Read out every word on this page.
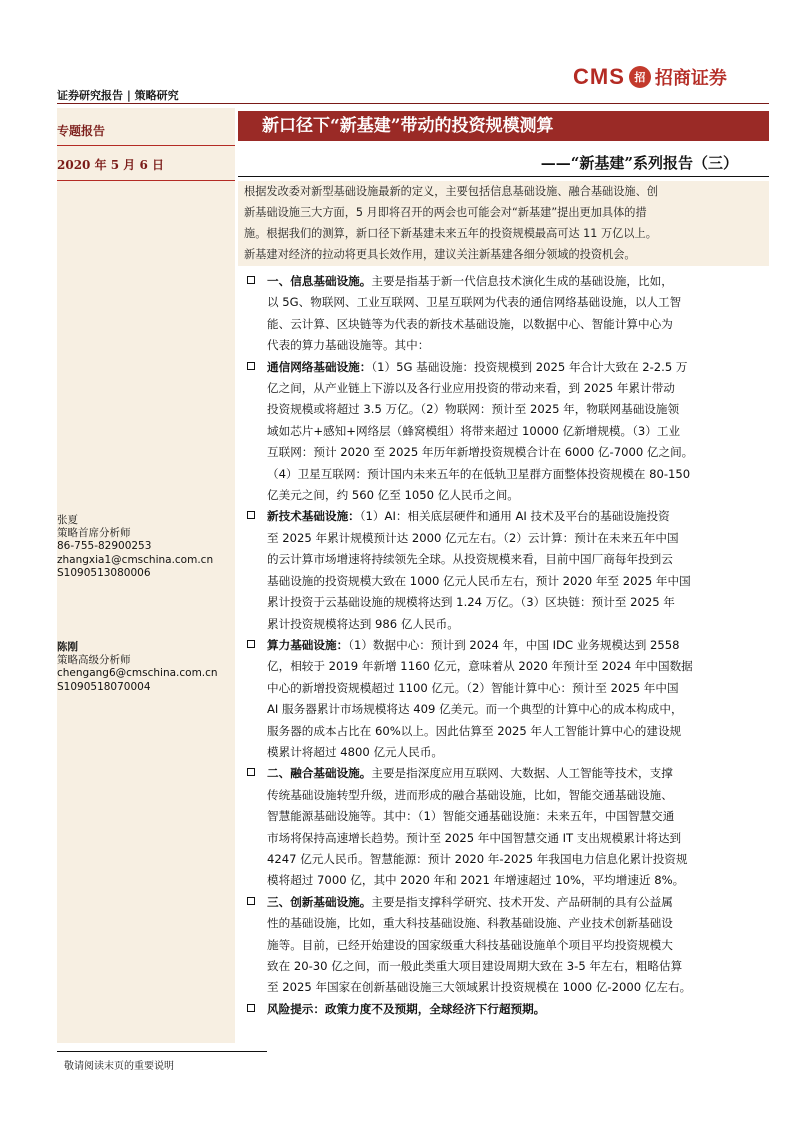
证券研究报告 | 策略研究
CMS 招 招商证券
专题报告
2020 年 5 月 6 日
张夏
策略首席分析师
86-755-82900253
zhangxia1@cmschina.com.cn
S1090513080006
陈刚
策略高级分析师
chengang6@cmschina.com.cn
S1090518070004
新口径下“新基建”带动的投资规模测算
——“新基建”系列报告（三）
根据发改委对新型基础设施最新的定义，主要包括信息基础设施、融合基础设施、创
新基础设施三大方面，5 月即将召开的两会也可能会对“新基建”提出更加具体的措
施。根据我们的测算，新口径下新基建未来五年的投资规模最高可达 11 万亿以上。
新基建对经济的拉动将更具长效作用，建议关注新基建各细分领域的投资机会。
一、信息基础设施。主要是指基于新一代信息技术演化生成的基础设施，比如，
以 5G、物联网、工业互联网、卫星互联网为代表的通信网络基础设施，以人工智
能、云计算、区块链等为代表的新技术基础设施，以数据中心、智能计算中心为
代表的算力基础设施等。其中：
通信网络基础设施：（1）5G 基础设施：投资规模到 2025 年合计大致在 2-2.5 万
亿之间，从产业链上下游以及各行业应用投资的带动来看，到 2025 年累计带动
投资规模或将超过 3.5 万亿。（2）物联网：预计至 2025 年，物联网基础设施领
域如芯片+感知+网络层（蜂窝模组）将带来超过 10000 亿新增规模。（3）工业
互联网：预计 2020 至 2025 年历年新增投资规模合计在 6000 亿-7000 亿之间。
（4）卫星互联网：预计国内未来五年的在低轨卫星群方面整体投资规模在 80-150
亿美元之间，约 560 亿至 1050 亿人民币之间。
新技术基础设施：（1）AI：相关底层硬件和通用 AI 技术及平台的基础设施投资
至 2025 年累计规模预计达 2000 亿元左右。（2）云计算：预计在未来五年中国
的云计算市场增速将持续领先全球。从投资规模来看，目前中国厂商每年投到云
基础设施的投资规模大致在 1000 亿元人民币左右，预计 2020 年至 2025 年中国
累计投资于云基础设施的规模将达到 1.24 万亿。（3）区块链：预计至 2025 年
累计投资规模将达到 986 亿人民币。
算力基础设施：（1）数据中心：预计到 2024 年，中国 IDC 业务规模达到 2558
亿，相较于 2019 年新增 1160 亿元，意味着从 2020 年预计至 2024 年中国数据
中心的新增投资规模超过 1100 亿元。（2）智能计算中心：预计至 2025 年中国
AI 服务器累计市场规模将达 409 亿美元。而一个典型的计算中心的成本构成中，
服务器的成本占比在 60%以上。因此估算至 2025 年人工智能计算中心的建设规
模累计将超过 4800 亿元人民币。
二、融合基础设施。主要是指深度应用互联网、大数据、人工智能等技术，支撑
传统基础设施转型升级，进而形成的融合基础设施，比如，智能交通基础设施、
智慧能源基础设施等。其中：（1）智能交通基础设施：未来五年，中国智慧交通
市场将保持高速增长趋势。预计至 2025 年中国智慧交通 IT 支出规模累计将达到
4247 亿元人民币。智慧能源：预计 2020 年-2025 年我国电力信息化累计投资规
模将超过 7000 亿，其中 2020 年和 2021 年增速超过 10%，平均增速近 8%。
三、创新基础设施。主要是指支撑科学研究、技术开发、产品研制的具有公益属
性的基础设施，比如，重大科技基础设施、科教基础设施、产业技术创新基础设
施等。目前，已经开始建设的国家级重大科技基础设施单个项目平均投资规模大
致在 20-30 亿之间，而一般此类重大项目建设周期大致在 3-5 年左右，粗略估算
至 2025 年国家在创新基础设施三大领域累计投资规模在 1000 亿-2000 亿左右。
风险提示：政策力度不及预期，全球经济下行超预期。
敬请阅读末页的重要说明
